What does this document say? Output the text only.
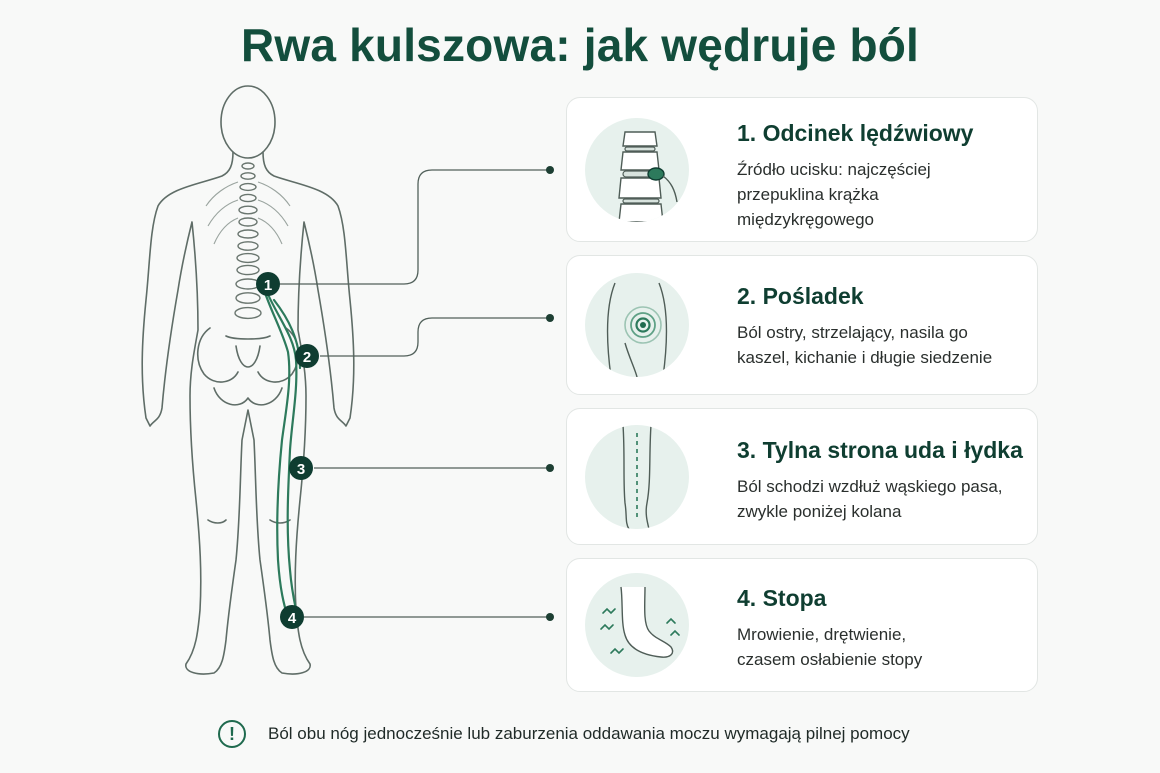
Rwa kulszowa: jak wędruje ból
1
2
3
4

1. Odcinek lędźwiowy

Źródło ucisku: najczęściej
przepuklina krążka
międzykręgowego

2. Pośladek

Ból ostry, strzelający, nasila go
kaszel, kichanie i długie siedzenie

3. Tylna strona uda i łydka

Ból schodzi wzdłuż wąskiego pasa,
zwykle poniżej kolana

4. Stopa

Mrowienie, drętwienie,
czasem osłabienie stopy

!	Ból obu nóg jednocześnie lub zaburzenia oddawania moczu wymagają pilnej pomocy
